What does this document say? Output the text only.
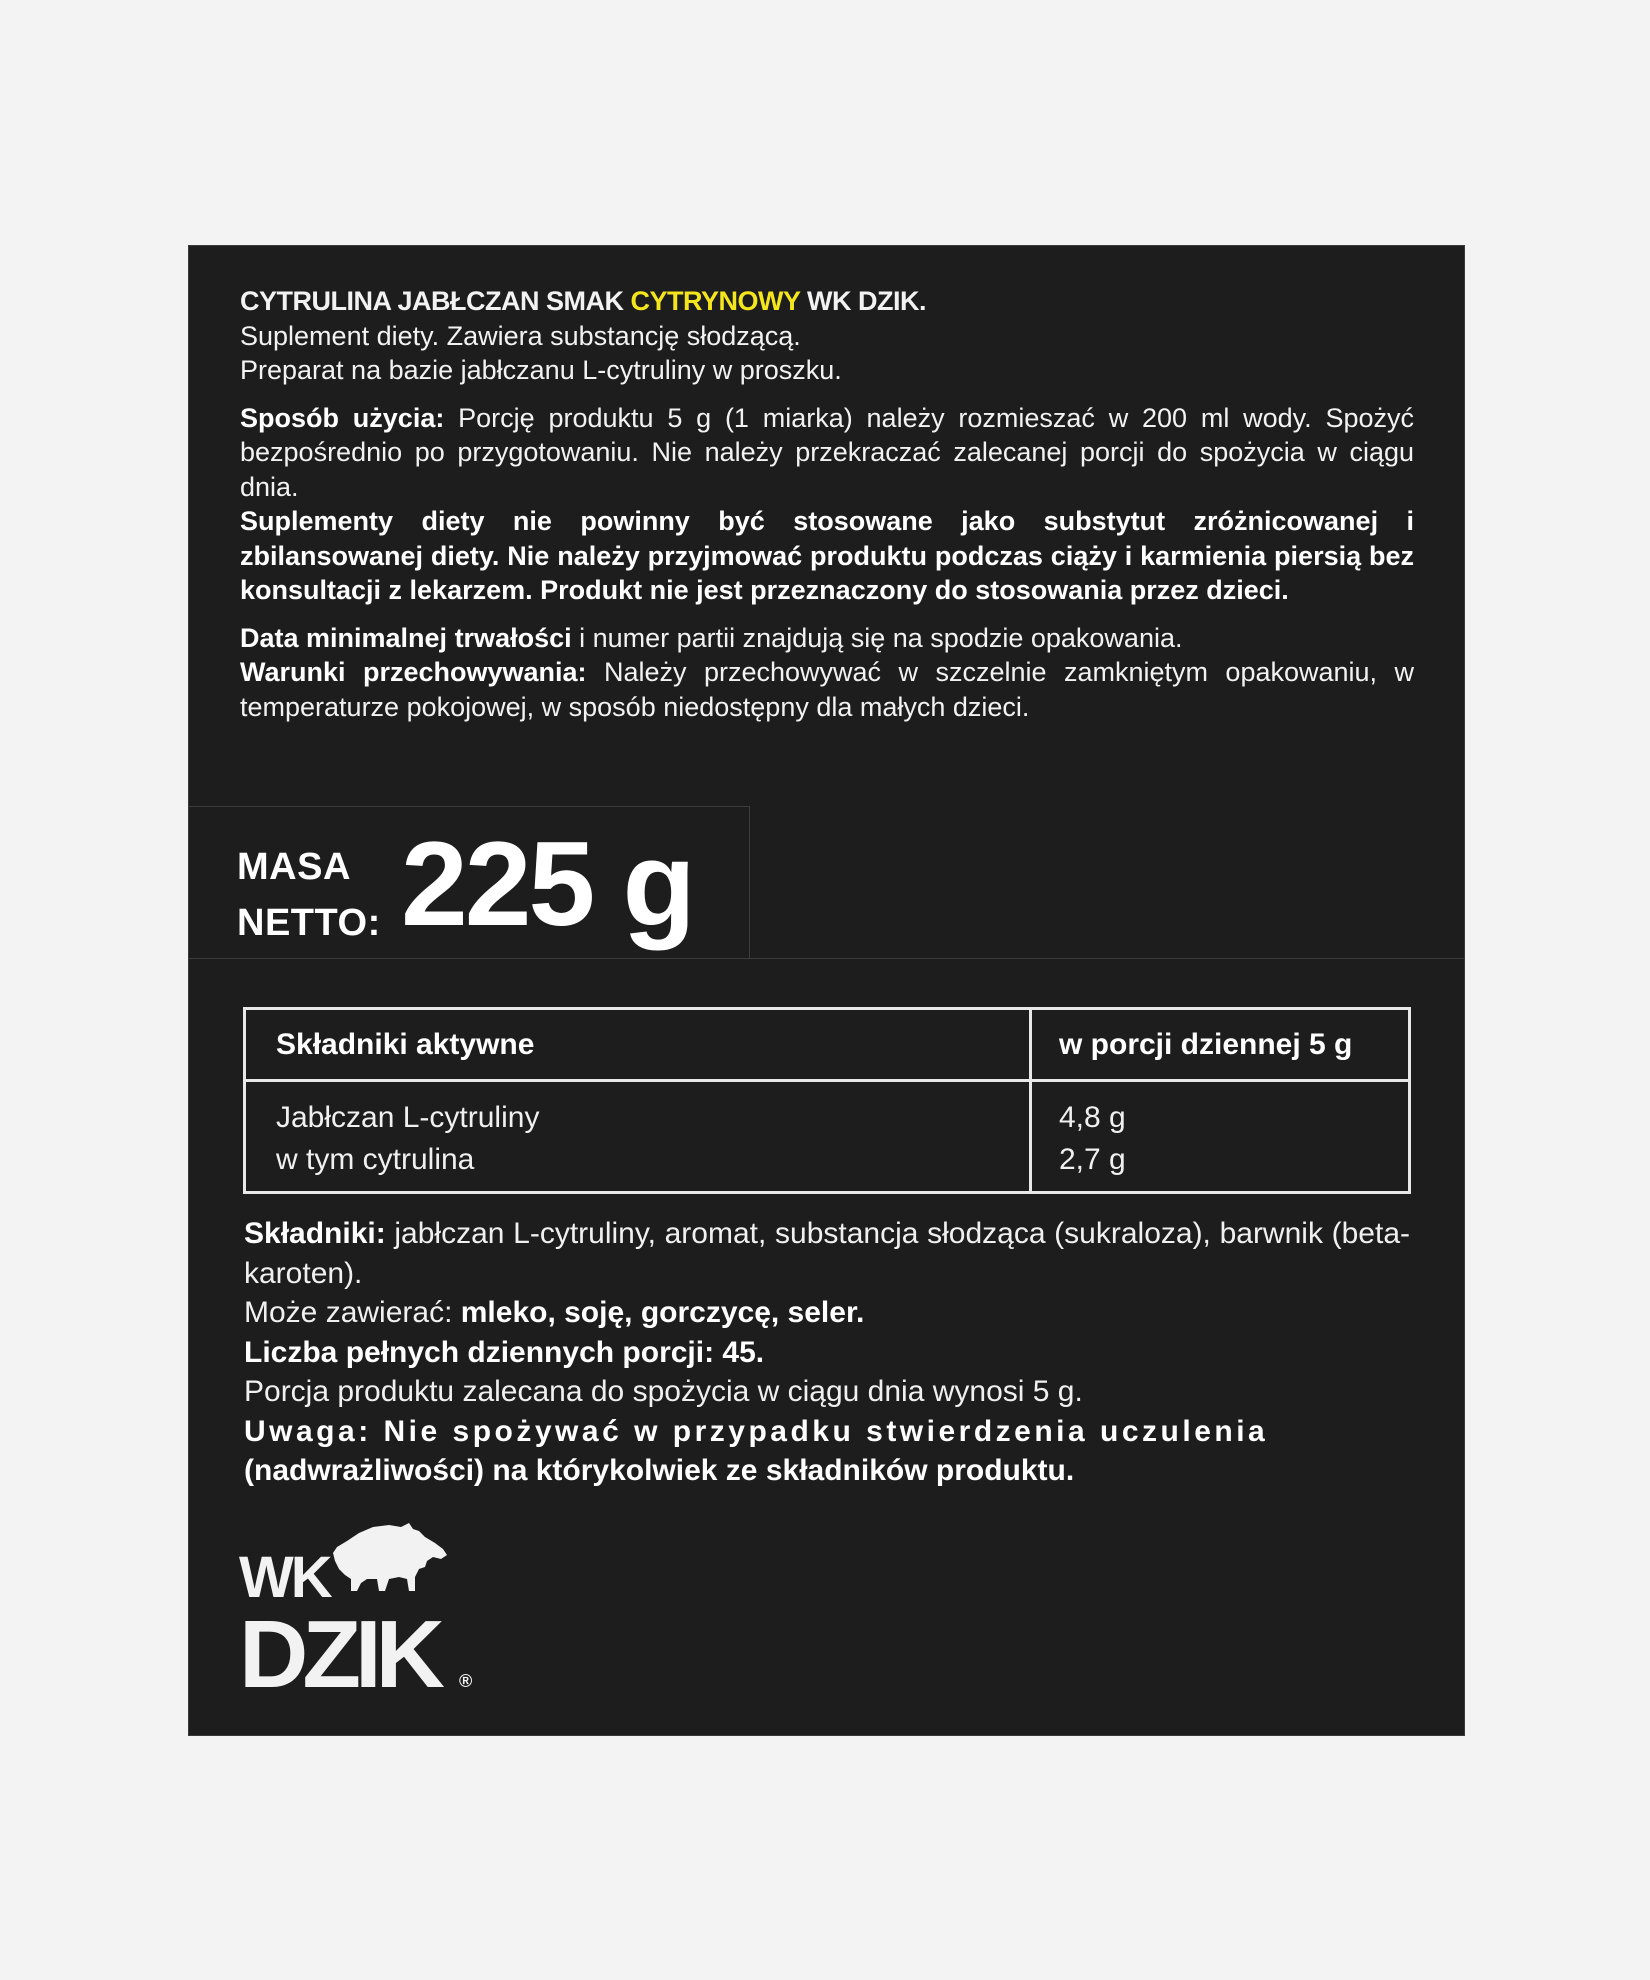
CYTRULINA JABŁCZAN SMAK CYTRYNOWY WK DZIK.

Suplement diety. Zawiera substancję słodzącą.

Preparat na bazie jabłczanu L-cytruliny w proszku.

Sposób użycia: Porcję produktu 5 g (1 miarka) należy rozmieszać w 200 ml wody. Spożyć bezpośrednio po przygotowaniu. Nie należy przekraczać zalecanej porcji do spożycia w ciągu dnia.

Suplementy diety nie powinny być stosowane jako substytut zróżnicowanej i zbilansowanej diety. Nie należy przyjmować produktu podczas ciąży i karmienia piersią bez konsultacji z lekarzem. Produkt nie jest przeznaczony do stosowania przez dzieci.

Data minimalnej trwałości i numer partii znajdują się na spodzie opakowania.

Warunki przechowywania: Należy przechowywać w szczelnie zamkniętym opakowaniu, w temperaturze pokojowej, w sposób niedostępny dla małych dzieci.

MASA
NETTO: 225 g
Składniki aktywne	w porcji dziennej 5 g
Jabłczan L-cytruliny
w tym cytrulina
4,8 g
2,7 g

Składniki: jabłczan L-cytruliny, aromat, substancja słodząca (sukraloza), barwnik (beta-karoten).

Może zawierać: mleko, soję, gorczycę, seler.

Liczba pełnych dziennych porcji: 45.

Porcja produktu zalecana do spożycia w ciągu dnia wynosi 5 g.

Uwaga: Nie spożywać w przypadku stwierdzenia uczulenia

(nadwrażliwości) na którykolwiek ze składników produktu.

WK
DZIK	®
